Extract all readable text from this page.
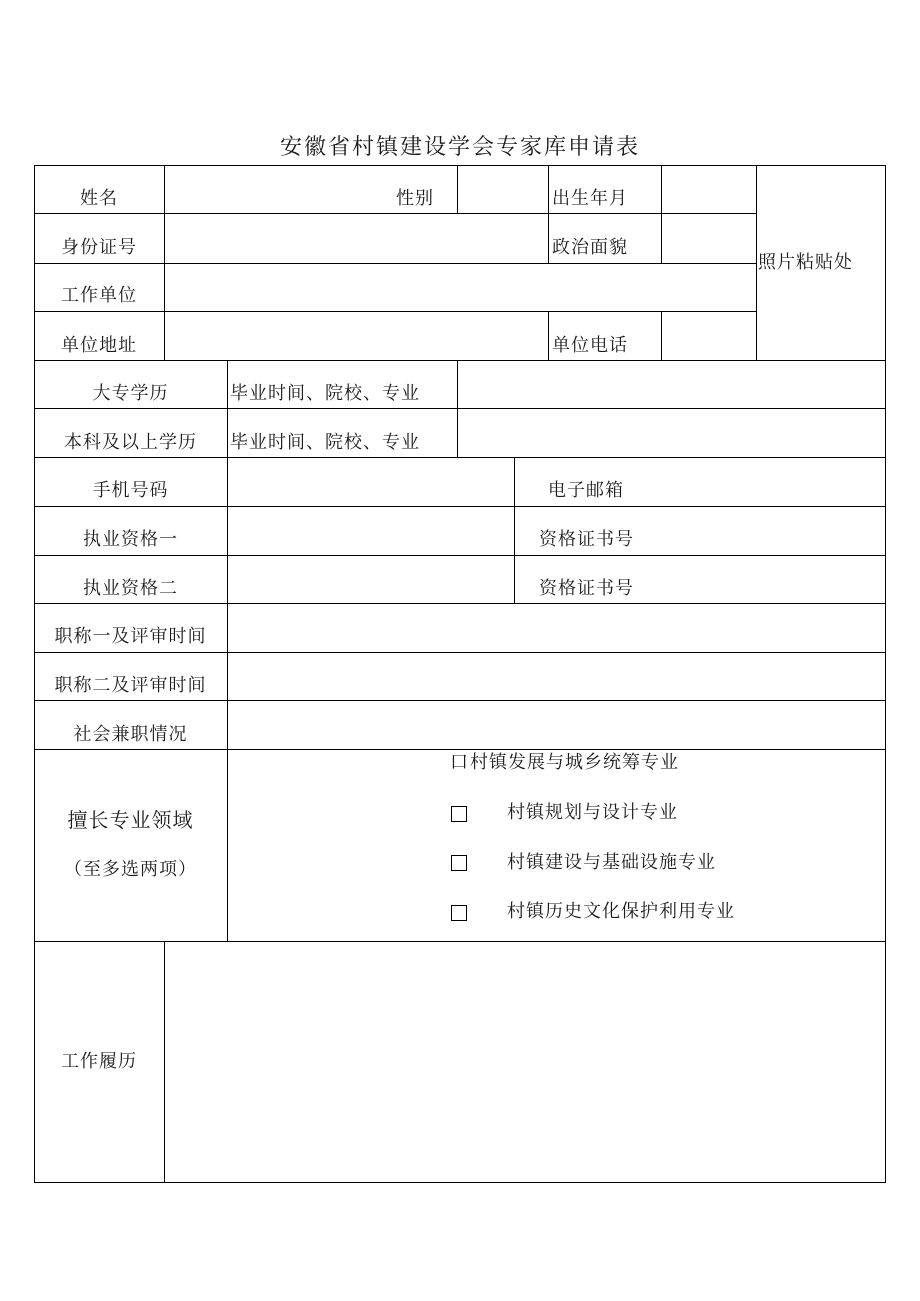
安徽省村镇建设学会专家库申请表
姓名	性别	出生年月
身份证号	政治面貌
照片粘贴处
工作单位
单位地址	单位电话
大专学历	毕业时间、院校、专业
本科及以上学历	毕业时间、院校、专业
手机号码	电子邮箱
执业资格一	资格证书号
执业资格二	资格证书号
职称一及评审时间
职称二及评审时间
社会兼职情况
擅长专业领域
（至多选两项）
口 村镇发展与城乡统筹专业
村镇规划与设计专业
村镇建设与基础设施专业
村镇历史文化保护利用专业
工作履历
